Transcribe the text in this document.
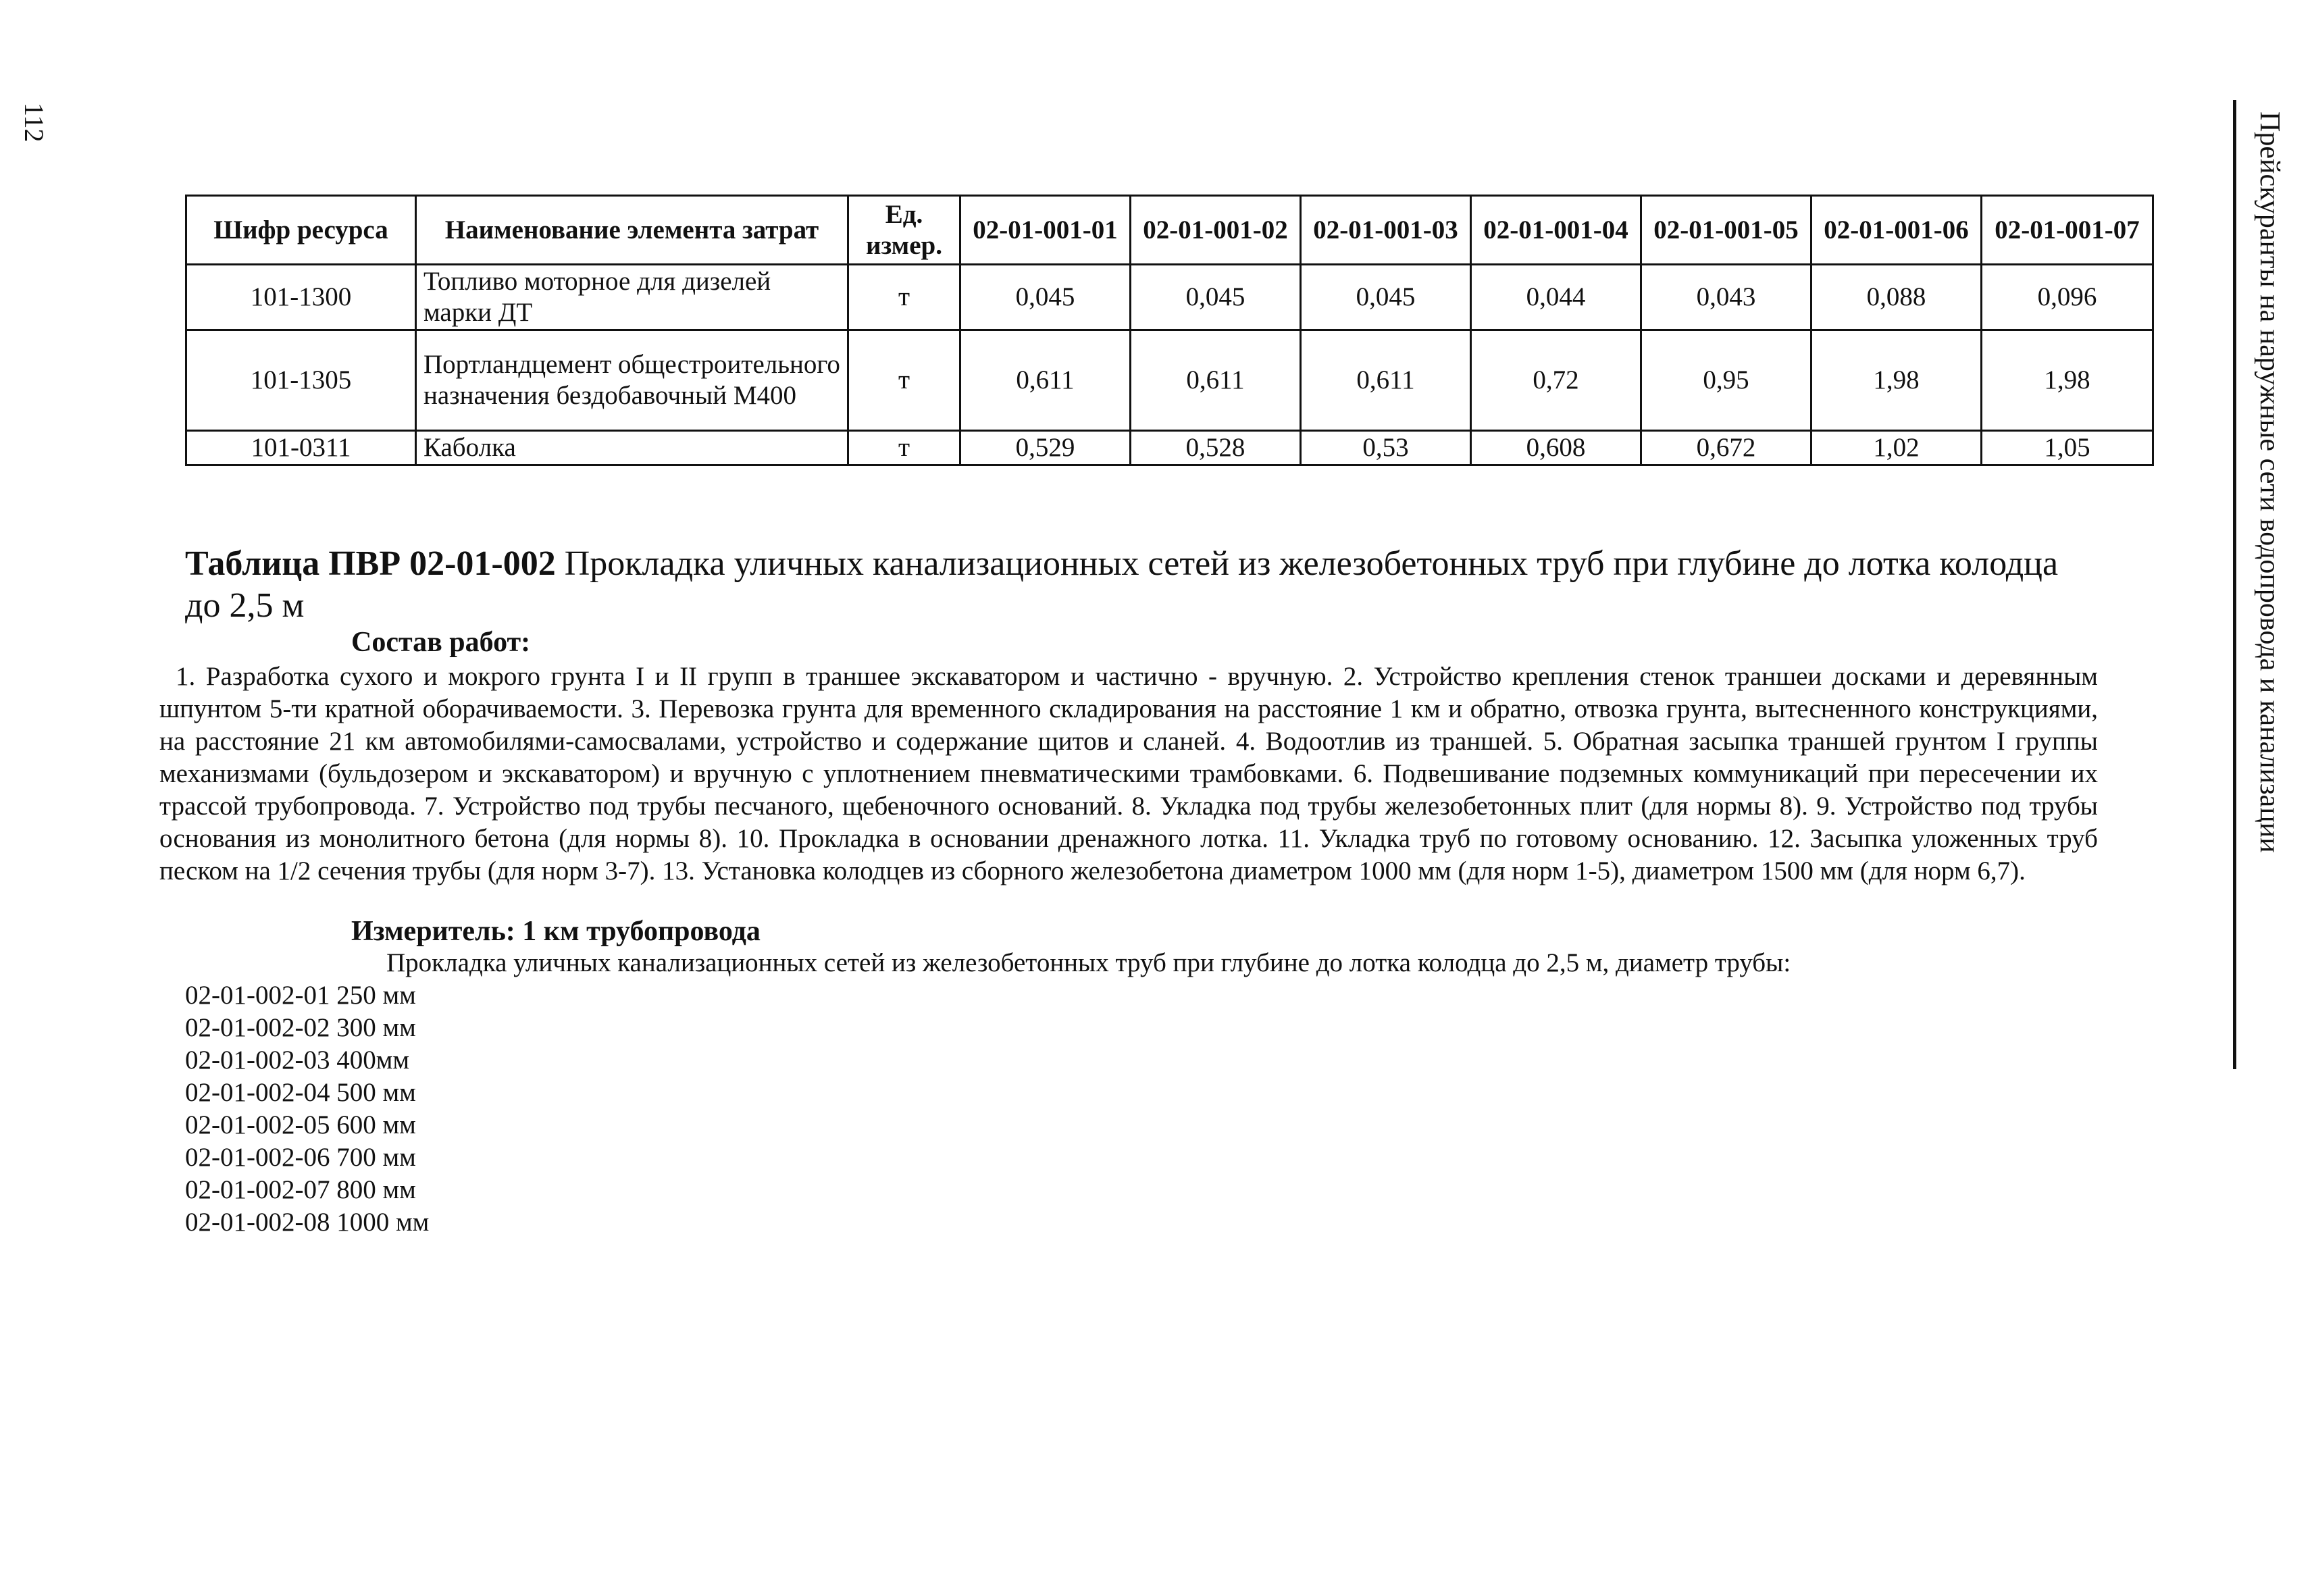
112	Прейскуранты на наружные сети водопровода и канализации
Шифр ресурса	Наименование элемента затрат	Ед. измер.	02-01-001-01	02-01-001-02	02-01-001-03	02-01-001-04	02-01-001-05	02-01-001-06	02-01-001-07
101-1300	Топливо моторное для дизелей марки ДТ	т	0,045	0,045	0,045	0,044	0,043	0,088	0,096
101-1305	Портландцемент общестроительного назначения бездобавочный М400	т	0,611	0,611	0,611	0,72	0,95	1,98	1,98
101-0311	Каболка	т	0,529	0,528	0,53	0,608	0,672	1,02	1,05
Таблица ПВР 02-01-002 Прокладка уличных канализационных сетей из железобетонных труб при глубине до лотка колодца до 2,5 м
Состав работ:
1. Разработка сухого и мокрого грунта I и II групп в траншее экскаватором и частично - вручную. 2. Устройство крепления стенок траншеи досками и деревянным шпунтом 5-ти кратной оборачиваемости. 3. Перевозка грунта для временного складирования на расстояние 1 км и обратно, отвозка грунта, вытесненного конструкциями, на расстояние 21 км автомобилями-самосвалами, устройство и содержание щитов и сланей. 4. Водоотлив из траншей. 5. Обратная засыпка траншей грунтом I группы механизмами (бульдозером и экскаватором) и вручную с уплотнением пневматическими трамбовками. 6. Подвешивание подземных коммуникаций при пересечении их трассой трубопровода. 7. Устройство под трубы песчаного, щебеночного оснований. 8. Укладка под трубы железобетонных плит (для нормы 8). 9. Устройство под трубы основания из монолитного бетона (для нормы 8). 10. Прокладка в основании дренажного лотка. 11. Укладка труб по готовому основанию. 12. Засыпка уложенных труб песком на 1/2 сечения трубы (для норм 3-7). 13. Установка колодцев из сборного железобетона диаметром 1000 мм (для норм 1-5), диаметром 1500 мм (для норм 6,7).
Измеритель: 1 км трубопровода
Прокладка уличных канализационных сетей из железобетонных труб при глубине до лотка колодца до 2,5 м, диаметр трубы:
02-01-002-01 250 мм
02-01-002-02 300 мм
02-01-002-03 400мм
02-01-002-04 500 мм
02-01-002-05 600 мм
02-01-002-06 700 мм
02-01-002-07 800 мм
02-01-002-08 1000 мм
